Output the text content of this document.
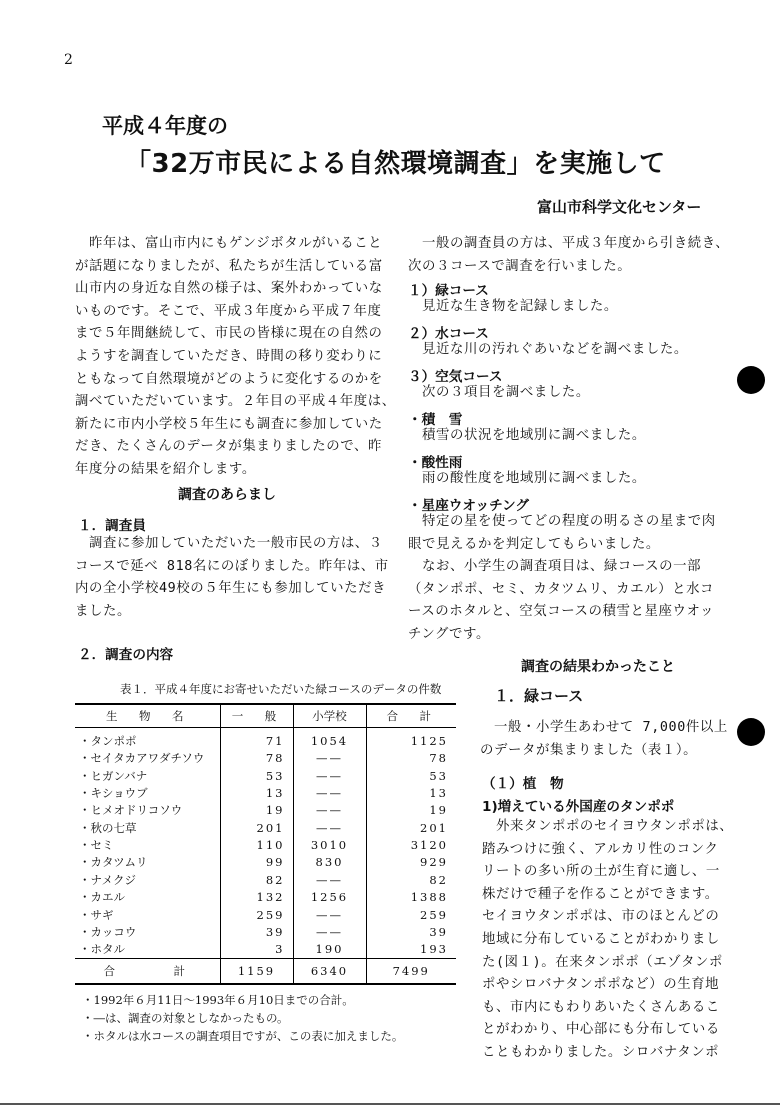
2
平成４年度の
「32万市民による自然環境調査」を実施して
富山市科学文化センター
　昨年は、富山市内にもゲンジボタルがいること
が話題になりましたが、私たちが生活している富
山市内の身近な自然の様子は、案外わかっていな
いものです。そこで、平成３年度から平成７年度
まで５年間継続して、市民の皆様に現在の自然の
ようすを調査していただき、時間の移り変わりに
ともなって自然環境がどのように変化するのかを
調べていただいています。２年目の平成４年度は、
新たに市内小学校５年生にも調査に参加していた
だき、たくさんのデータが集まりましたので、昨
年度分の結果を紹介します。
調査のあらまし
１．調査員
　調査に参加していただいた一般市民の方は、３
コースで延べ 818名にのぼりました。昨年は、市
内の全小学校49校の５年生にも参加していただき
ました。
２．調査の内容
表１．平成４年度にお寄せいただいた緑コースのデータの件数
生　物　名	一　般	小学校	合　計
・タンポポ	71	1054	1125
・セイタカアワダチソウ	78	——	78
・ヒガンバナ	53	——	53
・キショウブ	13	——	13
・ヒメオドリコソウ	19	——	19
・秋の七草	201	——	201
・セミ	110	3010	3120
・カタツムリ	99	830	929
・ナメクジ	82	——	82
・カエル	132	1256	1388
・サギ	259	——	259
・カッコウ	39	——	39
・ホタル	3	190	193
合　　　計	1159	6340	7499
・1992年６月11日～1993年６月10日までの合計。
・―は、調査の対象としなかったもの。
・ホタルは水コースの調査項目ですが、この表に加えました。
　一般の調査員の方は、平成３年度から引き続き、
次の３コースで調査を行いました。
１）緑コース
　見近な生き物を記録しました。
２）水コース
　見近な川の汚れぐあいなどを調べました。
３）空気コース
　次の３項目を調べました。
・積　雪
　積雪の状況を地域別に調べました。
・酸性雨
　雨の酸性度を地域別に調べました。
・星座ウオッチング
　特定の星を使ってどの程度の明るさの星まで肉
眼で見えるかを判定してもらいました。
　なお、小学生の調査項目は、緑コースの一部
（タンポポ、セミ、カタツムリ、カエル）と水コ
ースのホタルと、空気コースの積雪と星座ウオッ
チングです。
調査の結果わかったこと
１．緑コース
　一般・小学生あわせて 7,000件以上
のデータが集まりました（表１）。
（１）植　物
1)増えている外国産のタンポポ
　外来タンポポのセイヨウタンポポは、
踏みつけに強く、アルカリ性のコンク
リートの多い所の土が生育に適し、一
株だけで種子を作ることができます。
セイヨウタンポポは、市のほとんどの
地域に分布していることがわかりまし
た(図１)。在来タンポポ（エゾタンポ
ポやシロバナタンポポなど）の生育地
も、市内にもわりあいたくさんあるこ
とがわかり、中心部にも分布している
こともわかりました。シロバナタンポ
